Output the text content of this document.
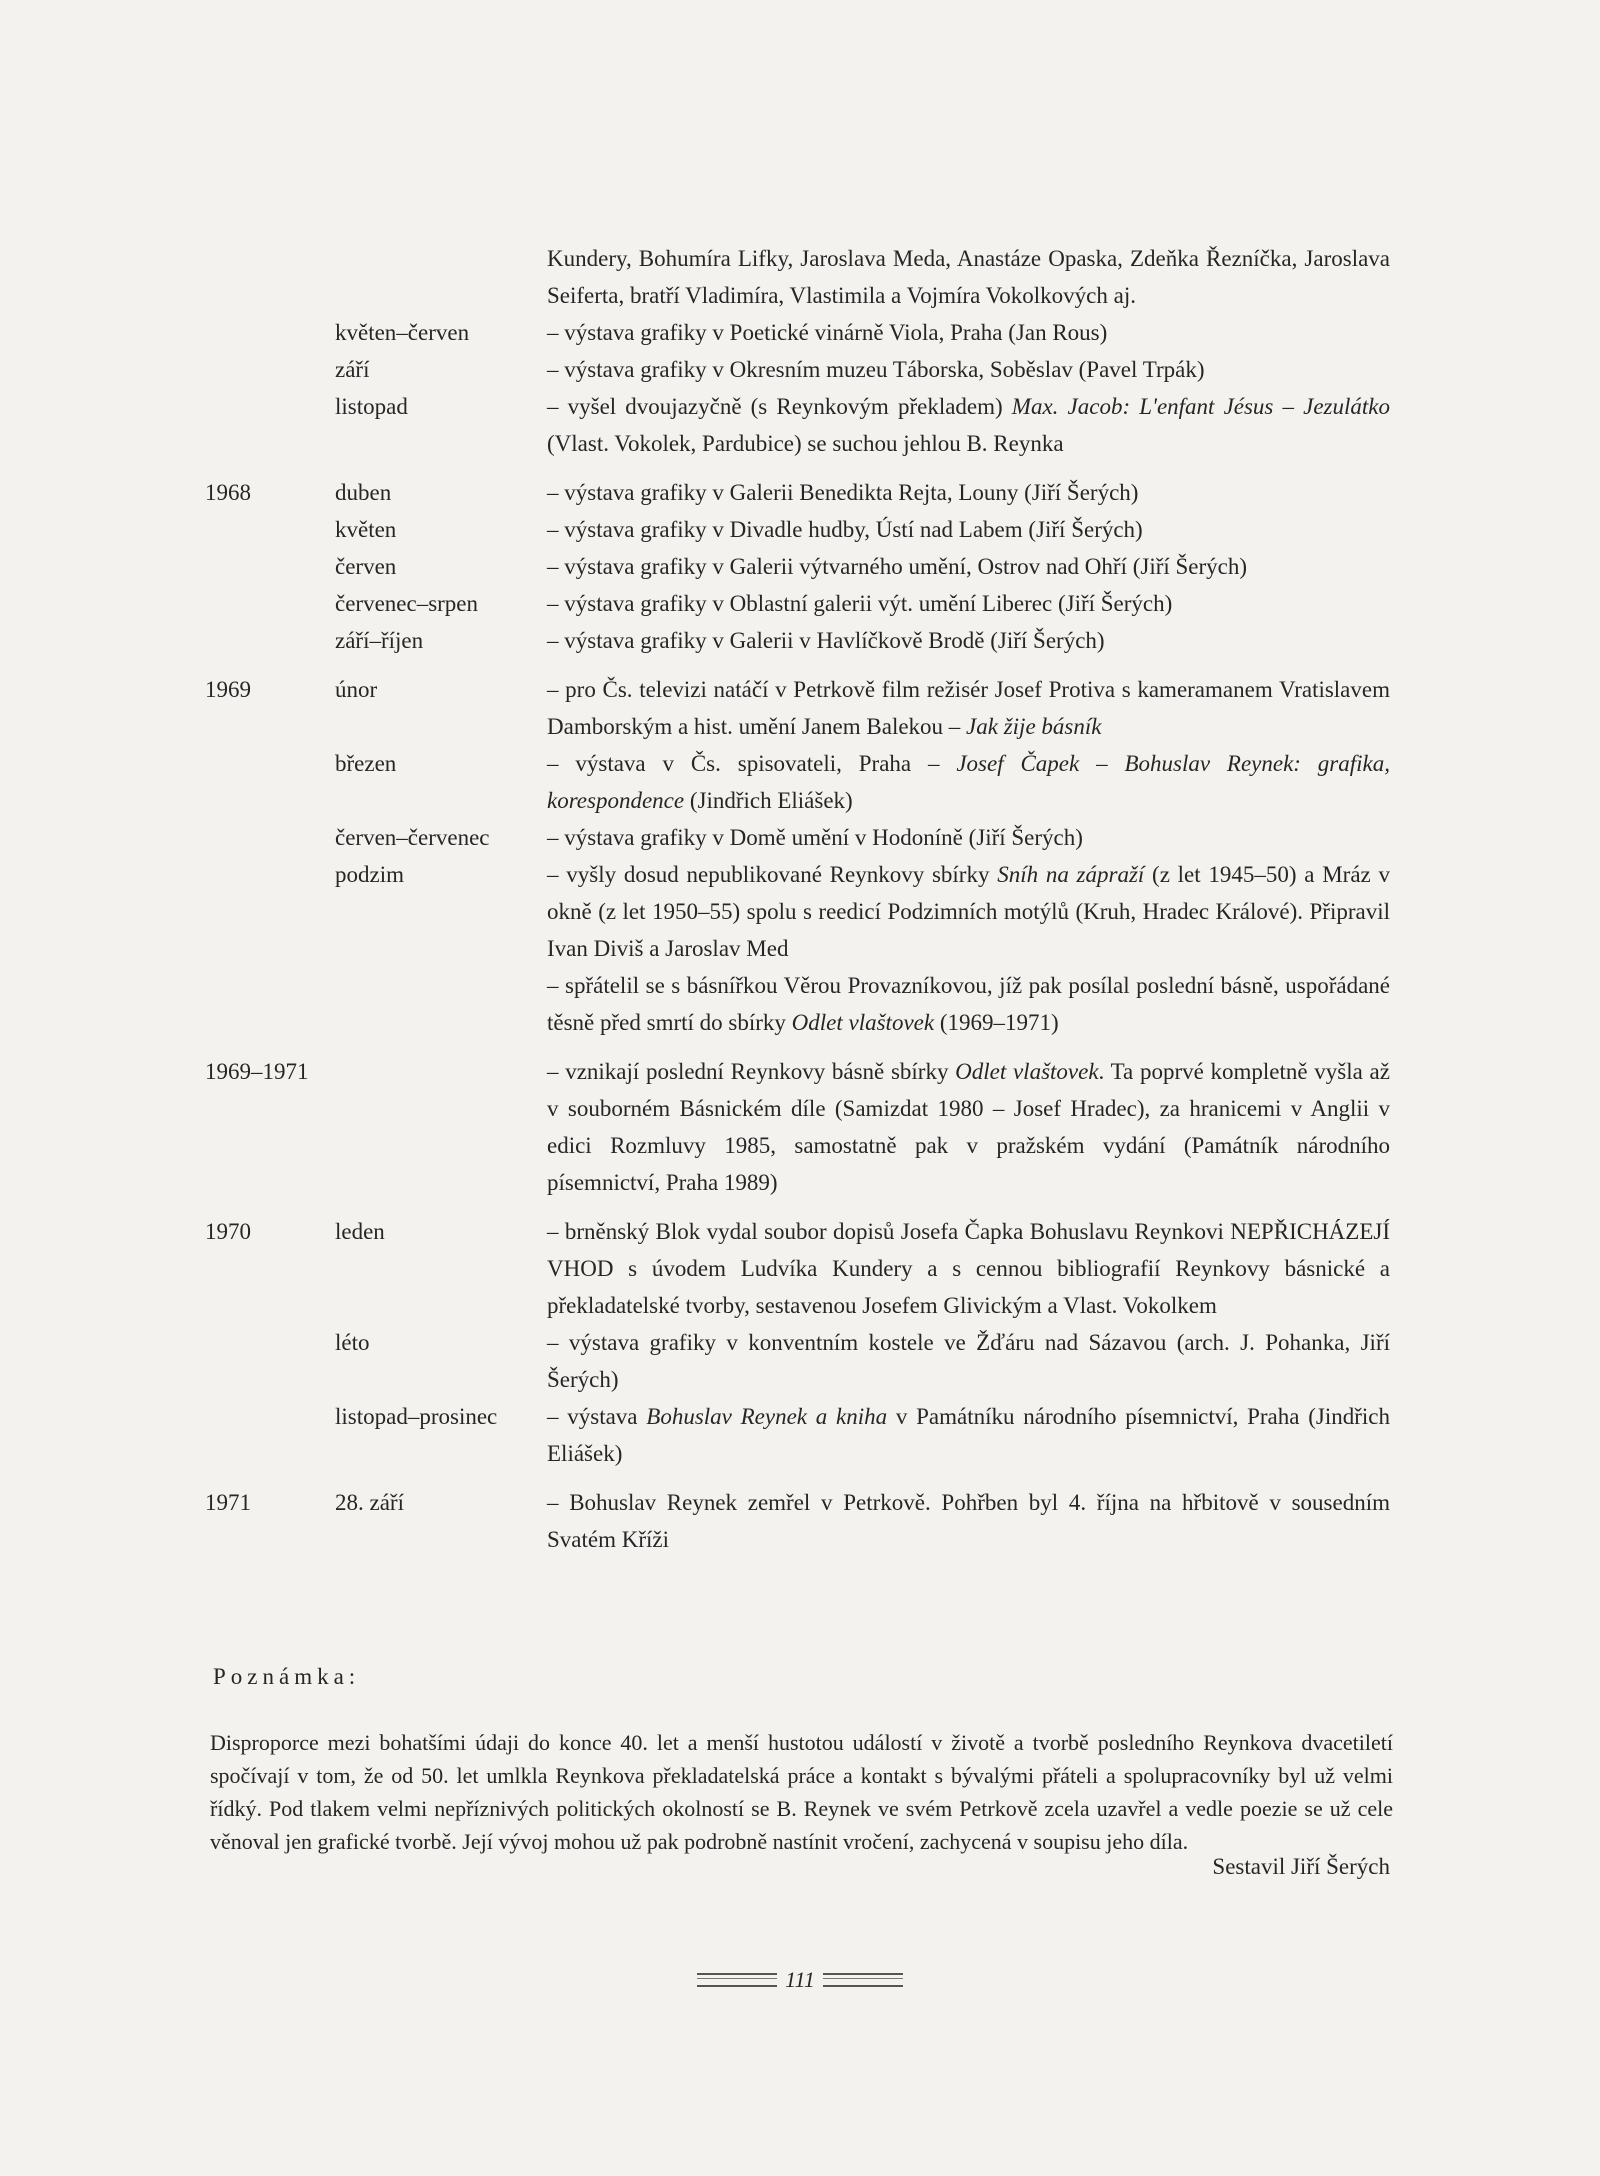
Kundery, Bohumíra Lifky, Jaroslava Meda, Anastáze Opaska, Zdeňka Řezníčka, Jaroslava Seiferta, bratří Vladimíra, Vlastimila a Vojmíra Vokolkových aj.
květen–červen	– výstava grafiky v Poetické vinárně Viola, Praha (Jan Rous)
září	– výstava grafiky v Okresním muzeu Táborska, Soběslav (Pavel Trpák)
listopad	– vyšel dvoujazyčně (s Reynkovým překladem) Max. Jacob: L'enfant Jésus – Jezulátko (Vlast. Vokolek, Pardubice) se suchou jehlou B. Reynka
1968	duben	– výstava grafiky v Galerii Benedikta Rejta, Louny (Jiří Šerých)
květen	– výstava grafiky v Divadle hudby, Ústí nad Labem (Jiří Šerých)
červen	– výstava grafiky v Galerii výtvarného umění, Ostrov nad Ohří (Jiří Šerých)
červenec–srpen	– výstava grafiky v Oblastní galerii výt. umění Liberec (Jiří Šerých)
září–říjen	– výstava grafiky v Galerii v Havlíčkově Brodě (Jiří Šerých)
1969	únor	– pro Čs. televizi natáčí v Petrkově film režisér Josef Protiva s kameramanem Vratislavem Damborským a hist. umění Janem Balekou – Jak žije básník
březen	– výstava v Čs. spisovateli, Praha – Josef Čapek – Bohuslav Reynek: grafika, korespondence (Jindřich Eliášek)
červen–červenec	– výstava grafiky v Domě umění v Hodoníně (Jiří Šerých)
podzim	– vyšly dosud nepublikované Reynkovy sbírky Sníh na zápraží (z let 1945–50) a Mráz v okně (z let 1950–55) spolu s reedicí Podzimních motýlů (Kruh, Hradec Králové). Připravil Ivan Diviš a Jaroslav Med
– spřátelil se s básnířkou Věrou Provazníkovou, jíž pak posílal poslední básně, uspořádané těsně před smrtí do sbírky Odlet vlaštovek (1969–1971)
1969–1971	– vznikají poslední Reynkovy básně sbírky Odlet vlaštovek. Ta poprvé kompletně vyšla až v souborném Básnickém díle (Samizdat 1980 – Josef Hradec), za hranicemi v Anglii v edici Rozmluvy 1985, samostatně pak v pražském vydání (Památník národního písemnictví, Praha 1989)
1970	leden	– brněnský Blok vydal soubor dopisů Josefa Čapka Bohuslavu Reynkovi NEPŘICHÁZEJÍ VHOD s úvodem Ludvíka Kundery a s cennou bibliografií Reynkovy básnické a překladatelské tvorby, sestavenou Josefem Glivickým a Vlast. Vokolkem
léto	– výstava grafiky v konventním kostele ve Žďáru nad Sázavou (arch. J. Pohanka, Jiří Šerých)
listopad–prosinec	– výstava Bohuslav Reynek a kniha v Památníku národního písemnictví, Praha (Jindřich Eliášek)
1971	28. září	– Bohuslav Reynek zemřel v Petrkově. Pohřben byl 4. října na hřbitově v sousedním Svatém Kříži
Poznámka:
Disproporce mezi bohatšími údaji do konce 40. let a menší hustotou událostí v životě a tvorbě posledního Reynkova dvacetiletí spočívají v tom, že od 50. let umlkla Reynkova překladatelská práce a kontakt s bývalými přáteli a spolupracovníky byl už velmi řídký. Pod tlakem velmi nepříznivých politických okolností se B. Reynek ve svém Petrkově zcela uzavřel a vedle poezie se už cele věnoval jen grafické tvorbě. Její vývoj mohou už pak podrobně nastínit vročení, zachycená v soupisu jeho díla.
Sestavil Jiří Šerých
111
